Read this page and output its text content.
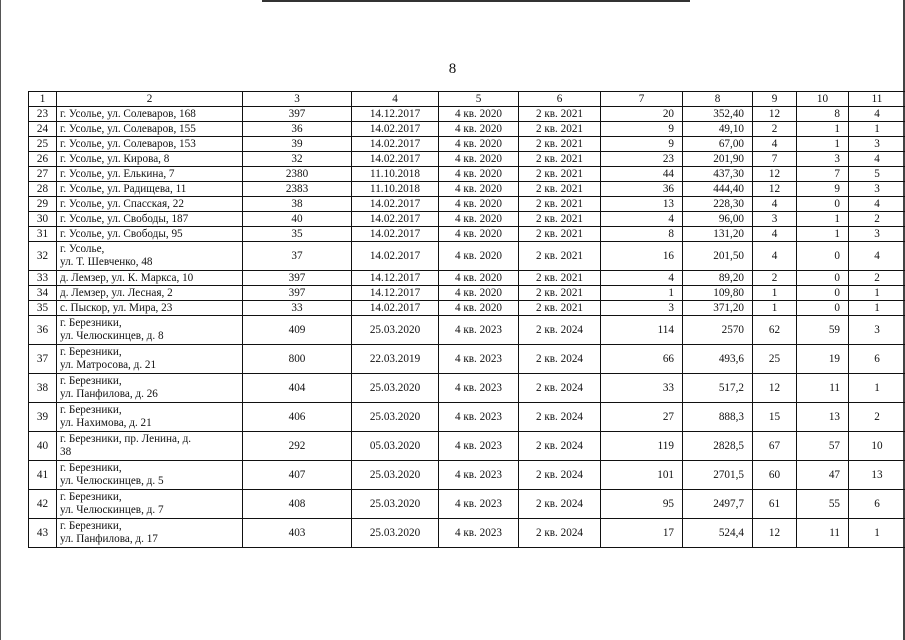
8
1	2	3	4	5	6	7	8	9	10	11
23	г. Усолье, ул. Солеваров, 168	397	14.12.2017	4 кв. 2020	2 кв. 2021	20	352,40	12	8	4
24	г. Усолье, ул. Солеваров, 155	36	14.02.2017	4 кв. 2020	2 кв. 2021	9	49,10	2	1	1
25	г. Усолье, ул. Солеваров, 153	39	14.02.2017	4 кв. 2020	2 кв. 2021	9	67,00	4	1	3
26	г. Усолье, ул. Кирова, 8	32	14.02.2017	4 кв. 2020	2 кв. 2021	23	201,90	7	3	4
27	г. Усолье, ул. Елькина, 7	2380	11.10.2018	4 кв. 2020	2 кв. 2021	44	437,30	12	7	5
28	г. Усолье, ул. Радищева, 11	2383	11.10.2018	4 кв. 2020	2 кв. 2021	36	444,40	12	9	3
29	г. Усолье, ул. Спасская, 22	38	14.02.2017	4 кв. 2020	2 кв. 2021	13	228,30	4	0	4
30	г. Усолье, ул. Свободы, 187	40	14.02.2017	4 кв. 2020	2 кв. 2021	4	96,00	3	1	2
31	г. Усолье, ул. Свободы, 95	35	14.02.2017	4 кв. 2020	2 кв. 2021	8	131,20	4	1	3
32	г. Усолье,
ул. Т. Шевченко, 48	37	14.02.2017	4 кв. 2020	2 кв. 2021	16	201,50	4	0	4
33	д. Лемзер, ул. К. Маркса, 10	397	14.12.2017	4 кв. 2020	2 кв. 2021	4	89,20	2	0	2
34	д. Лемзер, ул. Лесная, 2	397	14.12.2017	4 кв. 2020	2 кв. 2021	1	109,80	1	0	1
35	с. Пыскор, ул. Мира, 23	33	14.02.2017	4 кв. 2020	2 кв. 2021	3	371,20	1	0	1
36	г. Березники,
ул. Челюскинцев, д. 8	409	25.03.2020	4 кв. 2023	2 кв. 2024	114	2570	62	59	3
37	г. Березники,
ул. Матросова, д. 21	800	22.03.2019	4 кв. 2023	2 кв. 2024	66	493,6	25	19	6
38	г. Березники,
ул. Панфилова, д. 26	404	25.03.2020	4 кв. 2023	2 кв. 2024	33	517,2	12	11	1
39	г. Березники,
ул. Нахимова, д. 21	406	25.03.2020	4 кв. 2023	2 кв. 2024	27	888,3	15	13	2
40	г. Березники, пр. Ленина, д.
38	292	05.03.2020	4 кв. 2023	2 кв. 2024	119	2828,5	67	57	10
41	г. Березники,
ул. Челюскинцев, д. 5	407	25.03.2020	4 кв. 2023	2 кв. 2024	101	2701,5	60	47	13
42	г. Березники,
ул. Челюскинцев, д. 7	408	25.03.2020	4 кв. 2023	2 кв. 2024	95	2497,7	61	55	6
43	г. Березники,
ул. Панфилова, д. 17	403	25.03.2020	4 кв. 2023	2 кв. 2024	17	524,4	12	11	1
